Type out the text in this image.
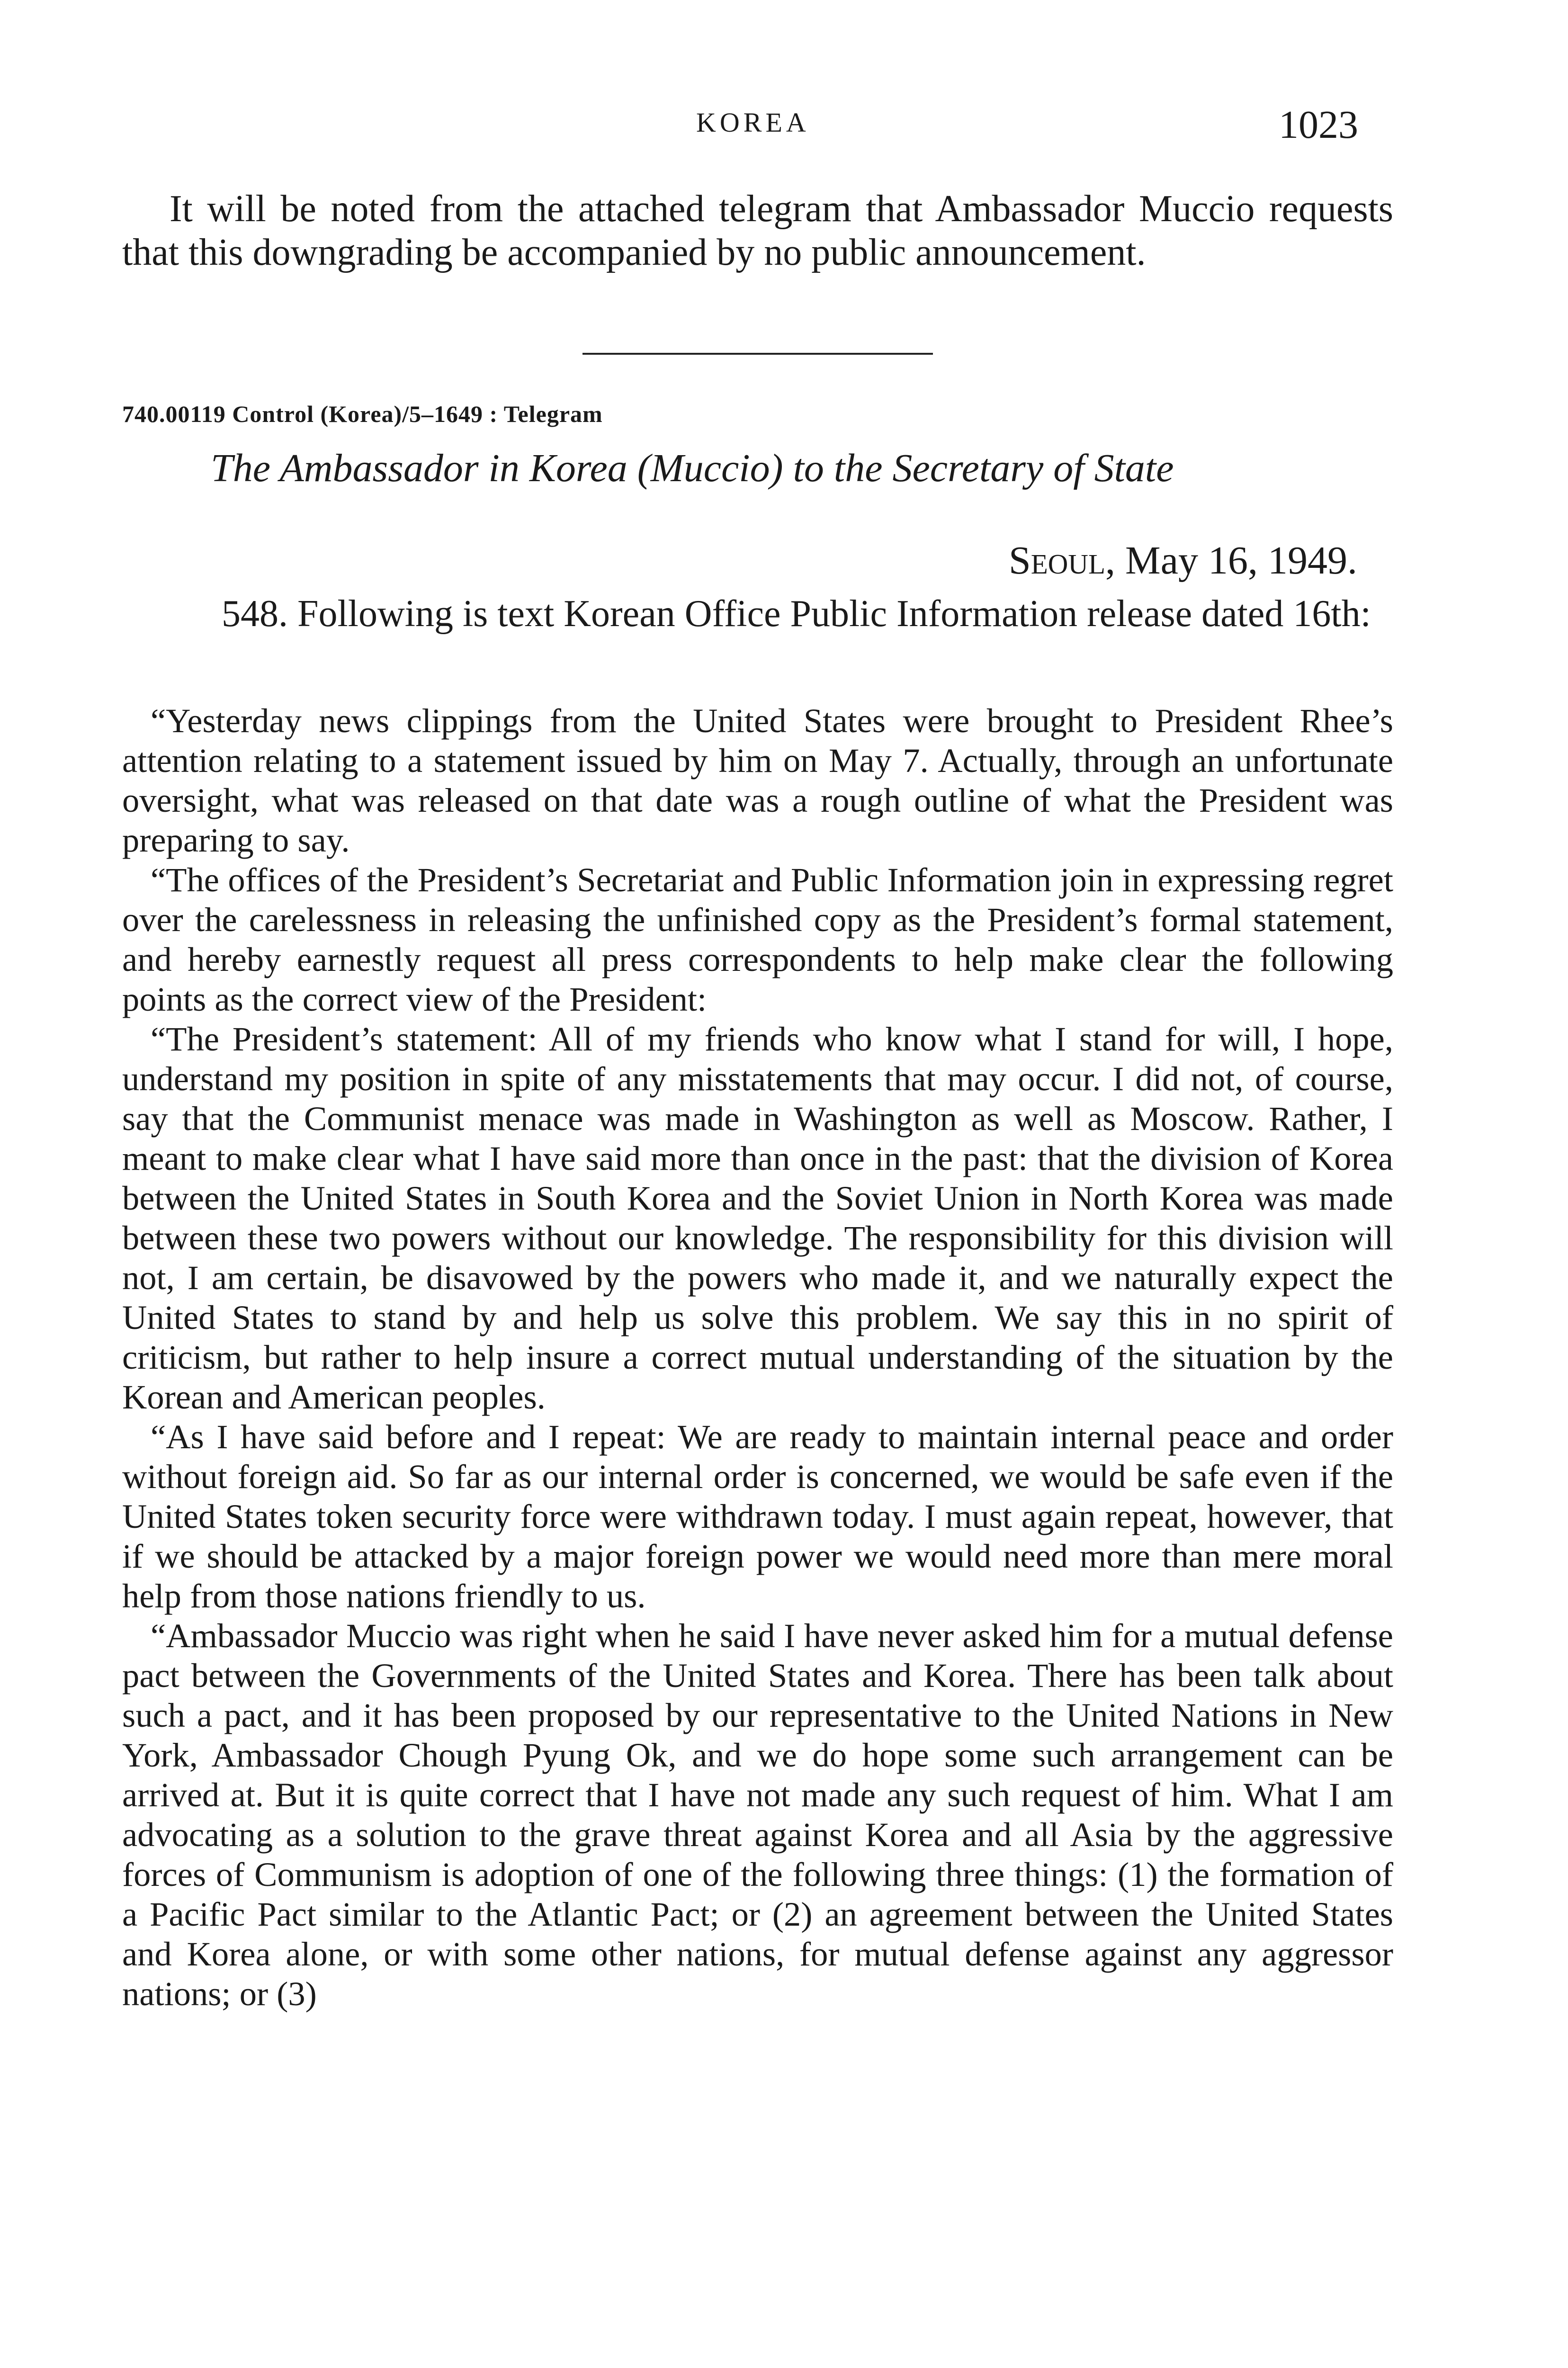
KOREA	1023

It will be noted from the attached telegram that Ambassador Muccio requests that this downgrading be accompanied by no public announcement.

740.00119 Control (Korea)/5–1649 : Telegram
The Ambassador in Korea (Muccio) to the Secretary of State
Seoul, May 16, 1949.

548. Following is text Korean Office Public Information release dated 16th:

“Yesterday news clippings from the United States were brought to President Rhee’s attention relating to a statement issued by him on May 7. Actually, through an unfortunate oversight, what was released on that date was a rough outline of what the President was preparing to say.

“The offices of the President’s Secretariat and Public Information join in expressing regret over the carelessness in releasing the unfinished copy as the President’s formal statement, and hereby earnestly request all press correspondents to help make clear the following points as the correct view of the President:

“The President’s statement: All of my friends who know what I stand for will, I hope, understand my position in spite of any misstatements that may occur. I did not, of course, say that the Communist menace was made in Washington as well as Moscow. Rather, I meant to make clear what I have said more than once in the past: that the division of Korea between the United States in South Korea and the Soviet Union in North Korea was made between these two powers without our knowledge. The responsibility for this division will not, I am certain, be disavowed by the powers who made it, and we naturally expect the United States to stand by and help us solve this problem. We say this in no spirit of criticism, but rather to help insure a correct mutual understanding of the situation by the Korean and American peoples.

“As I have said before and I repeat: We are ready to maintain internal peace and order without foreign aid. So far as our internal order is concerned, we would be safe even if the United States token security force were withdrawn today. I must again repeat, however, that if we should be attacked by a major foreign power we would need more than mere moral help from those nations friendly to us.

“Ambassador Muccio was right when he said I have never asked him for a mutual defense pact between the Governments of the United States and Korea. There has been talk about such a pact, and it has been proposed by our representative to the United Nations in New York, Ambassador Chough Pyung Ok, and we do hope some such arrangement can be arrived at. But it is quite correct that I have not made any such request of him. What I am advocating as a solution to the grave threat against Korea and all Asia by the aggressive forces of Communism is adoption of one of the following three things: (1) the formation of a Pacific Pact similar to the Atlantic Pact; or (2) an agreement between the United States and Korea alone, or with some other nations, for mutual defense against any aggressor nations; or (3)
